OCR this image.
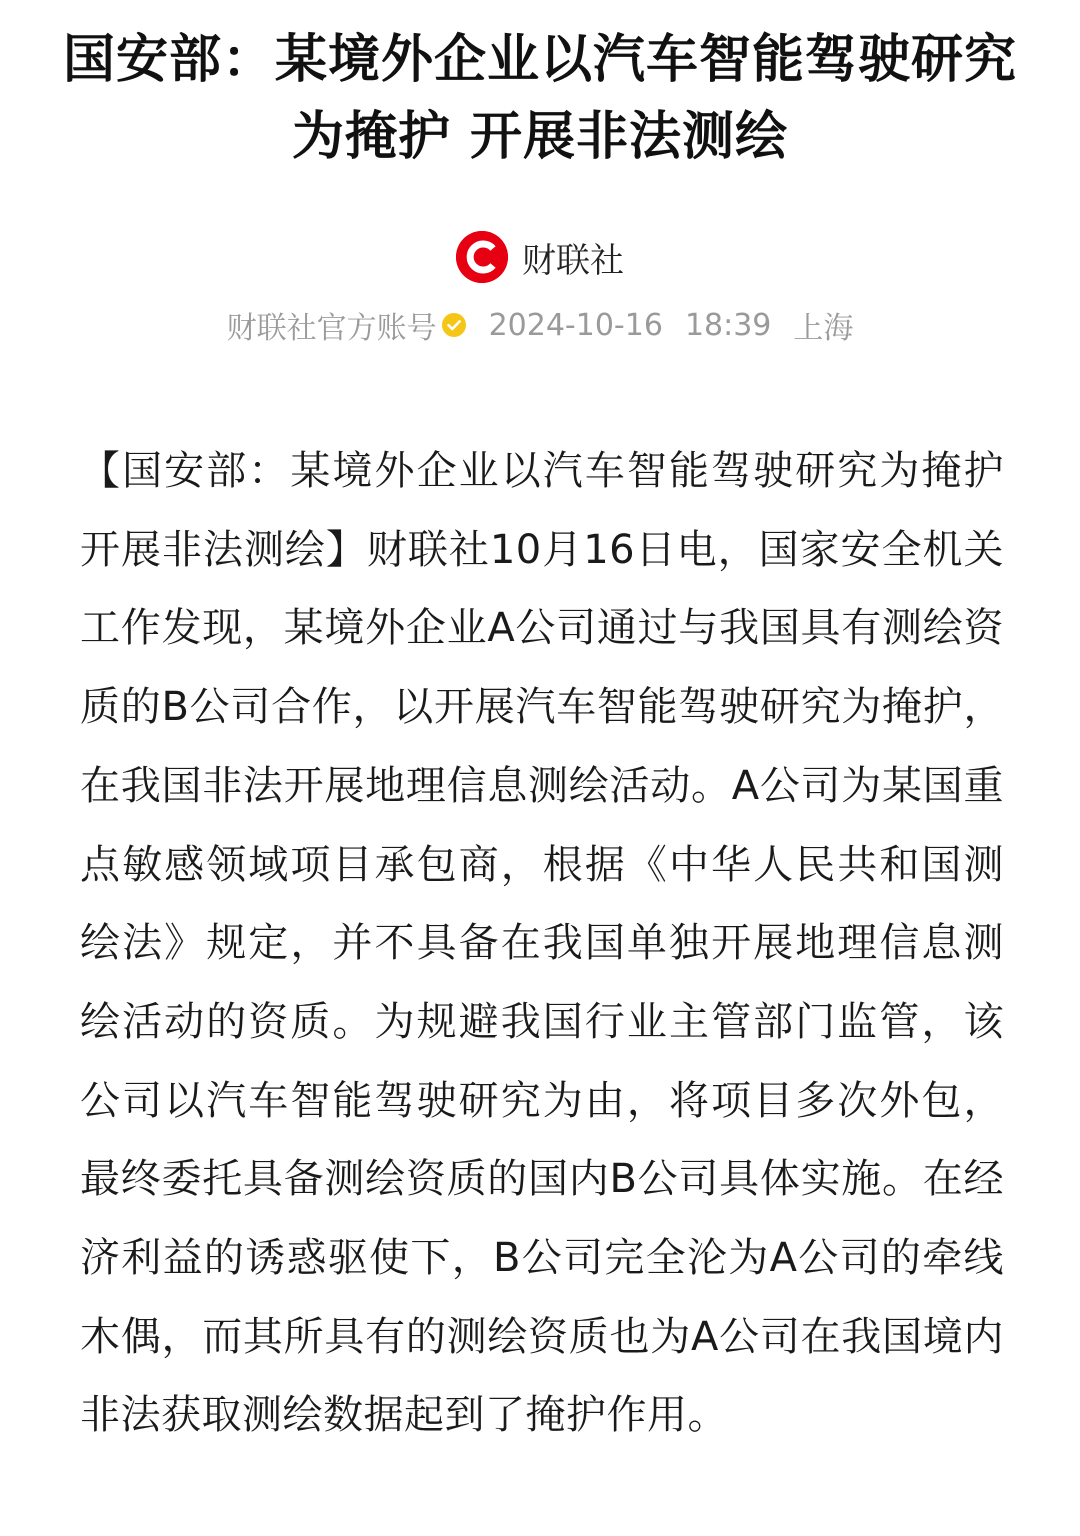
国安部：某境外企业以汽车智能驾驶研究为掩护 开展非法测绘
财联社
财联社官方账号 2024-10-16 18:39 上海
【国安部：某境外企业以汽车智能驾驶研究为掩护 开展非法测绘】财联社10月16日电，国家安全机关工作发现，某境外企业A公司通过与我国具有测绘资质的B公司合作，以开展汽车智能驾驶研究为掩护，在我国非法开展地理信息测绘活动。A公司为某国重点敏感领域项目承包商，根据《中华人民共和国测绘法》规定，并不具备在我国单独开展地理信息测绘活动的资质。为规避我国行业主管部门监管，该公司以汽车智能驾驶研究为由，将项目多次外包，最终委托具备测绘资质的国内B公司具体实施。在经济利益的诱惑驱使下，B公司完全沦为A公司的牵线木偶，而其所具有的测绘资质也为A公司在我国境内非法获取测绘数据起到了掩护作用。
